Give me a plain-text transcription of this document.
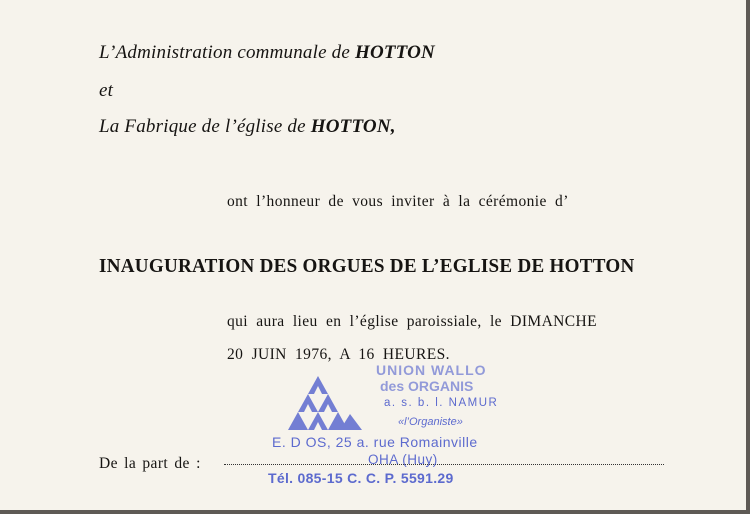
L’Administration communale de HOTTON
et
La Fabrique de l’église de HOTTON,
ont l’honneur de vous inviter à la cérémonie d’
INAUGURATION DES ORGUES DE L’EGLISE DE HOTTON
qui aura lieu en l’église paroissiale, le DIMANCHE
20 JUIN 1976, A 16 HEURES.
De la part de :
UNION WALLO
des ORGANIS
a. s. b. l. NAMUR
«l’Organiste»
E. D OS, 25 a. rue Romainville
OHA (Huy)
Tél. 085-15 C. C. P. 5591.29
